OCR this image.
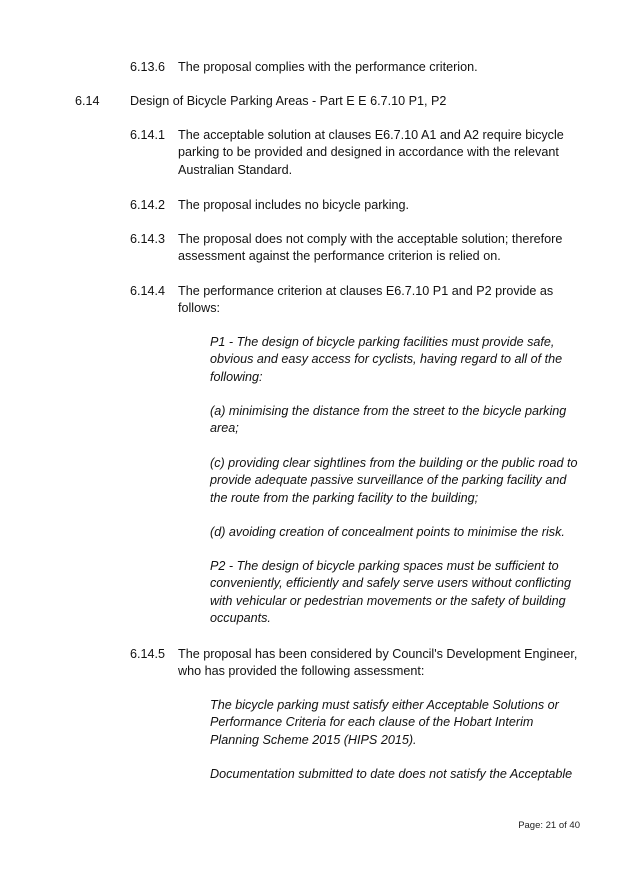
6.13.6 The proposal complies with the performance criterion.
6.14 Design of Bicycle Parking Areas - Part E E 6.7.10 P1, P2
6.14.1 The acceptable solution at clauses E6.7.10 A1 and A2 require bicycle parking to be provided and designed in accordance with the relevant Australian Standard.
6.14.2 The proposal includes no bicycle parking.
6.14.3 The proposal does not comply with the acceptable solution; therefore assessment against the performance criterion is relied on.
6.14.4 The performance criterion at clauses E6.7.10 P1 and P2 provide as follows:
P1 - The design of bicycle parking facilities must provide safe, obvious and easy access for cyclists, having regard to all of the following:
(a) minimising the distance from the street to the bicycle parking area;
(c) providing clear sightlines from the building or the public road to provide adequate passive surveillance of the parking facility and the route from the parking facility to the building;
(d) avoiding creation of concealment points to minimise the risk.
P2 - The design of bicycle parking spaces must be sufficient to conveniently, efficiently and safely serve users without conflicting with vehicular or pedestrian movements or the safety of building occupants.
6.14.5 The proposal has been considered by Council's Development Engineer, who has provided the following assessment:
The bicycle parking must satisfy either Acceptable Solutions or Performance Criteria for each clause of the Hobart Interim Planning Scheme 2015 (HIPS 2015).
Documentation submitted to date does not satisfy the Acceptable
Page: 21 of 40
